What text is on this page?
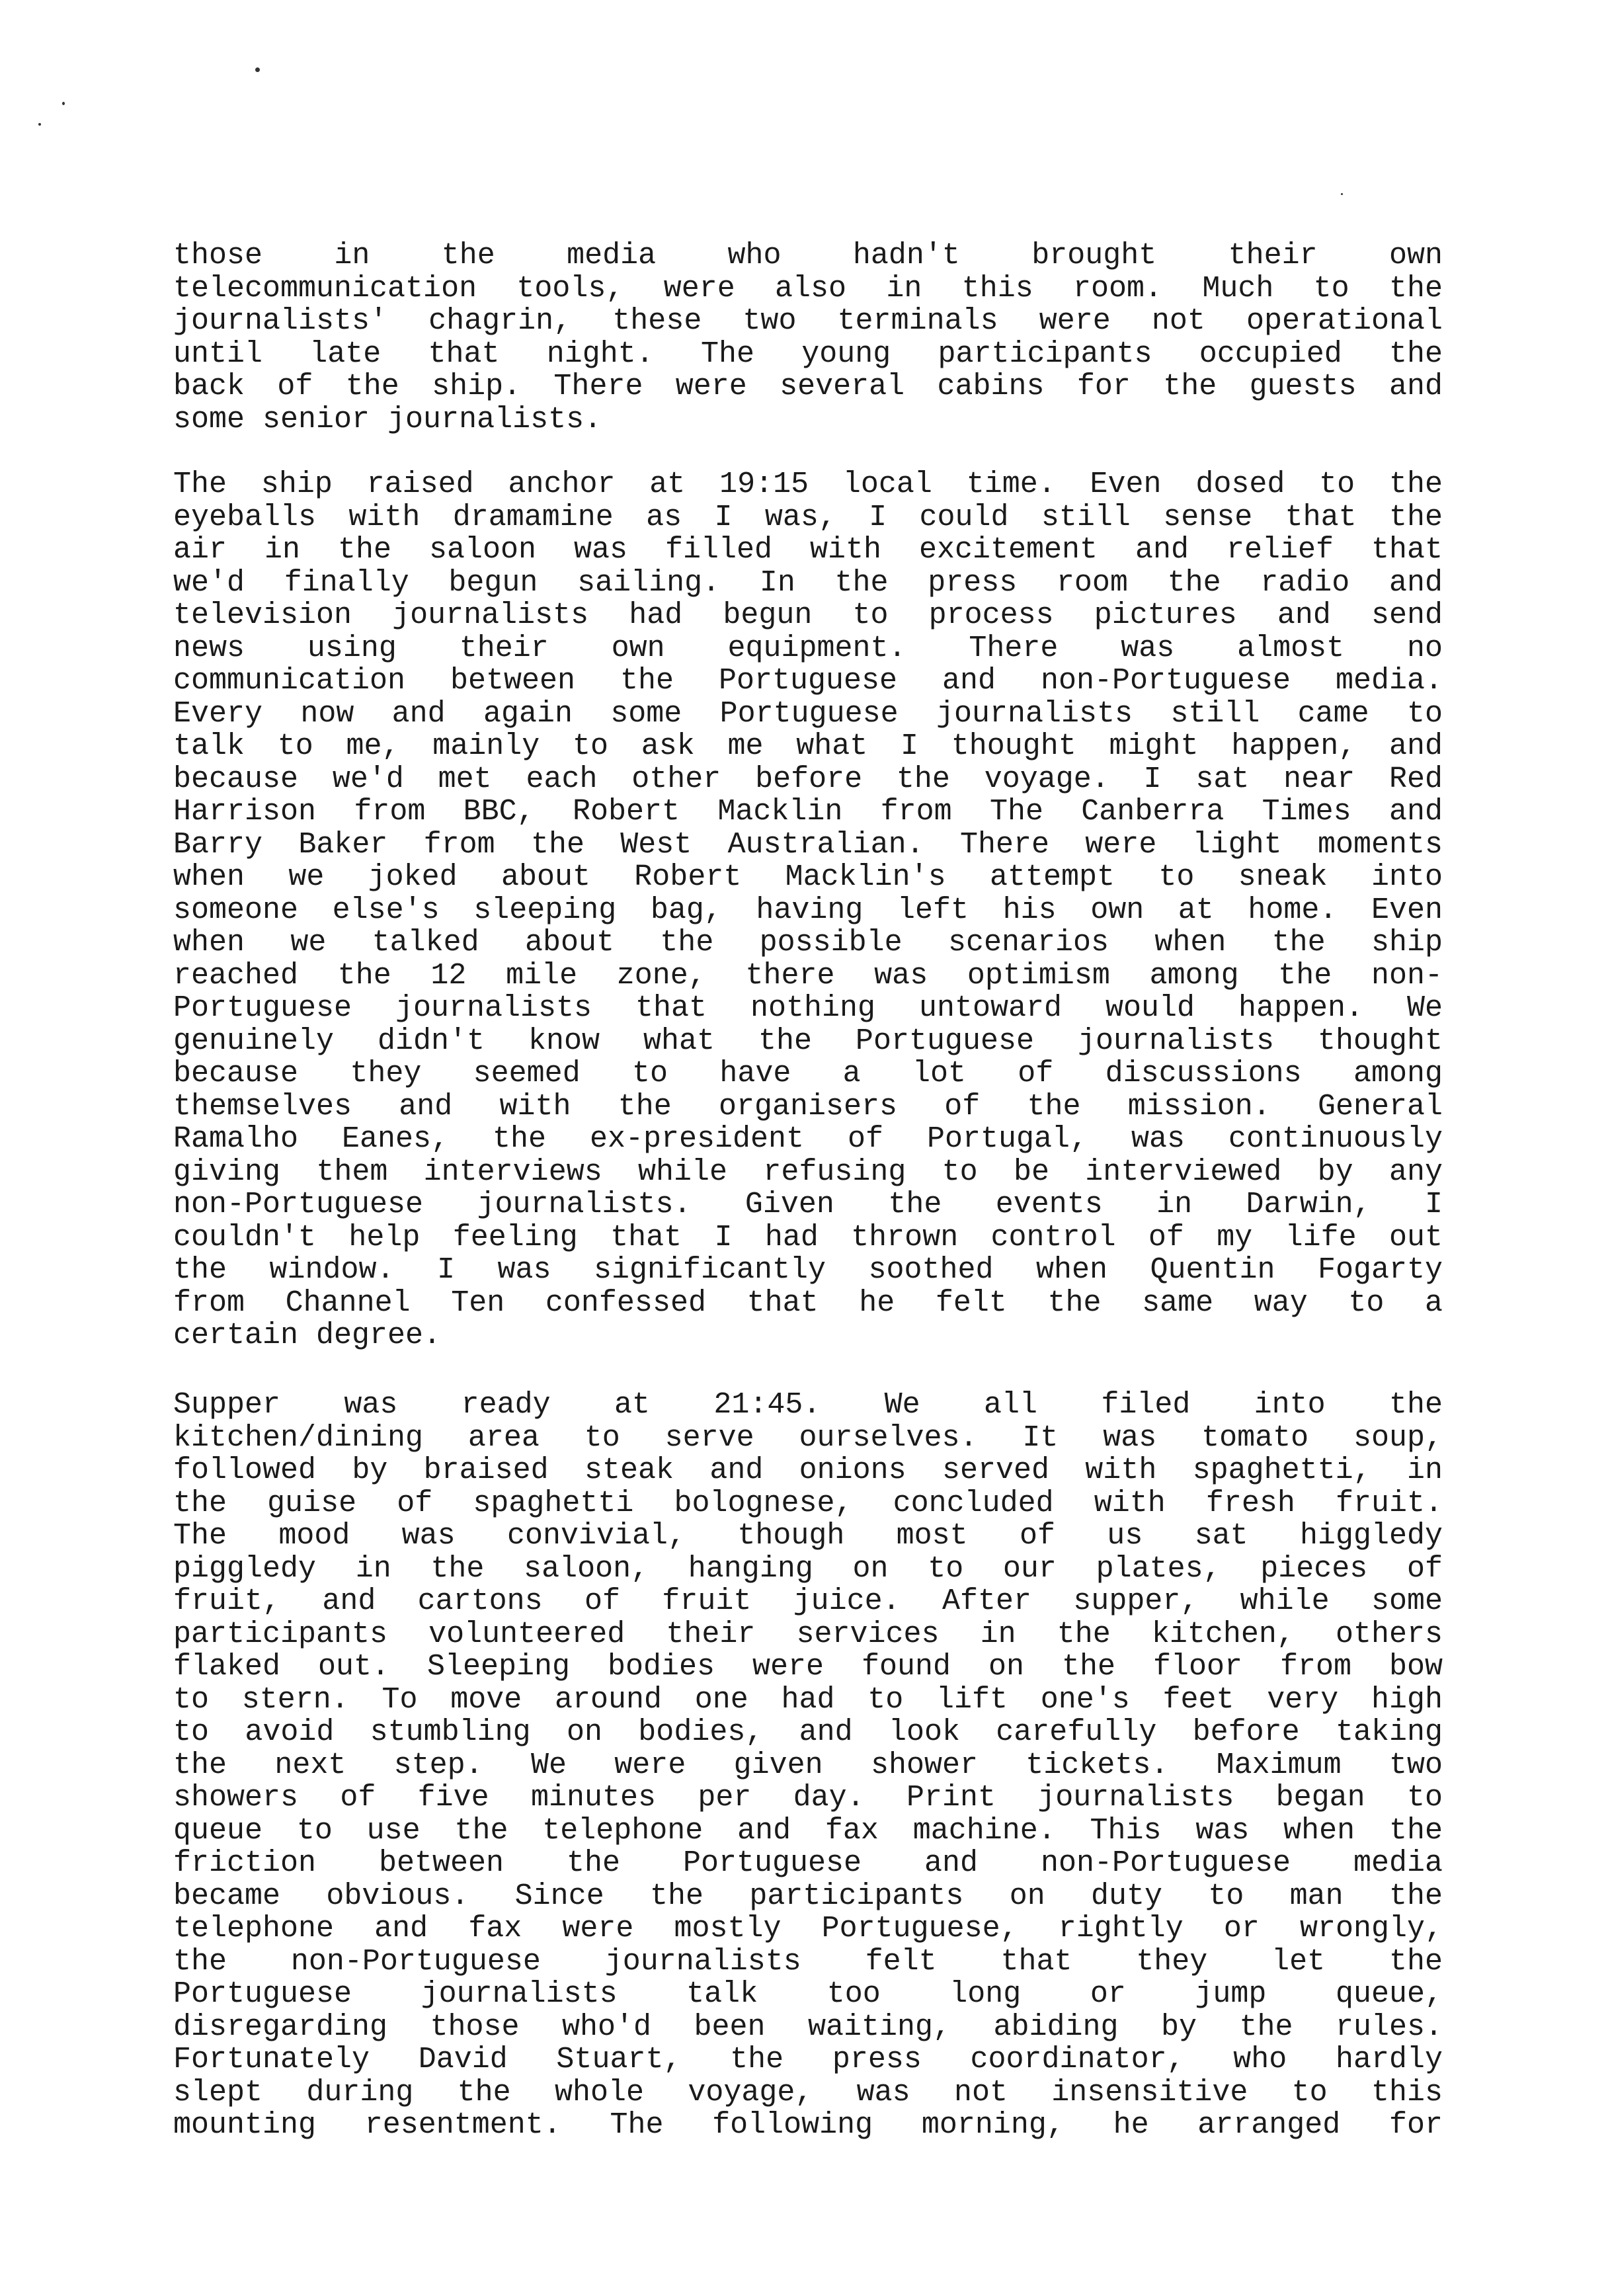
those in the media who hadn't brought their own
telecommunication tools, were also in this room. Much to the
journalists' chagrin, these two terminals were not operational
until late that night. The young participants occupied the
back of the ship. There were several cabins for the guests and
some senior journalists.
The ship raised anchor at 19:15 local time. Even dosed to the
eyeballs with dramamine as I was, I could still sense that the
air in the saloon was filled with excitement and relief that
we'd finally begun sailing. In the press room the radio and
television journalists had begun to process pictures and send
news using their own equipment. There was almost no
communication between the Portuguese and non-Portuguese media.
Every now and again some Portuguese journalists still came to
talk to me, mainly to ask me what I thought might happen, and
because we'd met each other before the voyage. I sat near Red
Harrison from BBC, Robert Macklin from The Canberra Times and
Barry Baker from the West Australian. There were light moments
when we joked about Robert Macklin's attempt to sneak into
someone else's sleeping bag, having left his own at home. Even
when we talked about the possible scenarios when the ship
reached the 12 mile zone, there was optimism among the non-
Portuguese journalists that nothing untoward would happen. We
genuinely didn't know what the Portuguese journalists thought
because they seemed to have a lot of discussions among
themselves and with the organisers of the mission. General
Ramalho Eanes, the ex-president of Portugal, was continuously
giving them interviews while refusing to be interviewed by any
non-Portuguese journalists. Given the events in Darwin, I
couldn't help feeling that I had thrown control of my life out
the window. I was significantly soothed when Quentin Fogarty
from Channel Ten confessed that he felt the same way to a
certain degree.
Supper was ready at 21:45. We all filed into the
kitchen/dining area to serve ourselves. It was tomato soup,
followed by braised steak and onions served with spaghetti, in
the guise of spaghetti bolognese, concluded with fresh fruit.
The mood was convivial, though most of us sat higgledy
piggledy in the saloon, hanging on to our plates, pieces of
fruit, and cartons of fruit juice. After supper, while some
participants volunteered their services in the kitchen, others
flaked out. Sleeping bodies were found on the floor from bow
to stern. To move around one had to lift one's feet very high
to avoid stumbling on bodies, and look carefully before taking
the next step. We were given shower tickets. Maximum two
showers of five minutes per day. Print journalists began to
queue to use the telephone and fax machine. This was when the
friction between the Portuguese and non-Portuguese media
became obvious. Since the participants on duty to man the
telephone and fax were mostly Portuguese, rightly or wrongly,
the non-Portuguese journalists felt that they let the
Portuguese journalists talk too long or jump queue,
disregarding those who'd been waiting, abiding by the rules.
Fortunately David Stuart, the press coordinator, who hardly
slept during the whole voyage, was not insensitive to this
mounting resentment. The following morning, he arranged for
